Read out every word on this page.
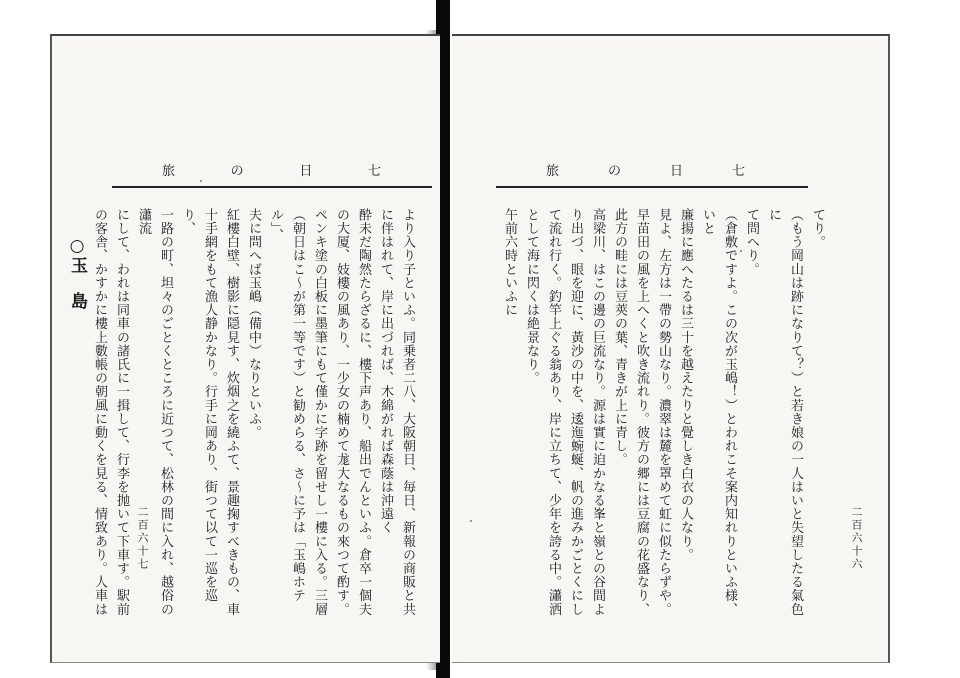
旅	の	日	七

より入り子といふ。同乗者二八、大阪朝日、毎日、新報の商販と共

に伴はれて、岸に出づれば、木綿がれば森蔭は沖遠く

酔未だ陶然たらざるに、樓下声あり、船出でんといふ。倉卒一個夫

の大厦、妓樓の風あり、一少女の楠めて尨大なるもの來つて酌す。

ペンキ塗の白板に墨筆にもて僅かに字跡を留せし一樓に入る。三層

（朝日はこ～が第一等です）と勧めらる、さ～に予は「玉嶋ホテル」、

夫に問へば玉嶋（備中）なりといふ。

紅樓白壁、樹影に隠見す、炊烟之を繞ふて、景趣掬すべきもの、車

十手網をもて漁人静かなり。行手に岡あり、街つて以て一巡を巡り、

一路の町、坦々のごとくところに近つて、松林の間に入れ、越俗の瀟流

にして、われは同車の諸氏に一揖して、行李を抛いて下車す。駅前の客舎、かすかに樓上數帳の朝風に動くを見る、情致あり。人車は

○玉　島

二百六十七
旅	の	日	七

てり。

（もう岡山は跡になりて？）と若き娘の一人はいと失望したる氣色に

て問へり。

（倉敷ですよ。この次が玉嶋！）とわれこそ案内知れりといふ様、いと

廉揚に應へたるは三十を越えたりと覺しき白衣の人なり。

見よ、左方は一帶の勢山なり。濃翠は麓を罩めて虹に似たらずや。

早苗田の風を上へくと吹き流れり。彼方の郷には豆腐の花盛なり、

此方の畦には豆莢の葉、青きが上に青し。

高梁川、はこの邊の巨流なり。源は實に迫かなる峯と嶺との谷間よ

り出づ、眼を迎に、黃沙の中を、逶迤蜿蜒、帆の進みかごとくにし

て流れ行く。釣竿上ぐる翁あり、岸に立ちて、少年を誇る中。瀟洒

として海に閃くは絶景なり。

午前六時といふに

二百六十六
